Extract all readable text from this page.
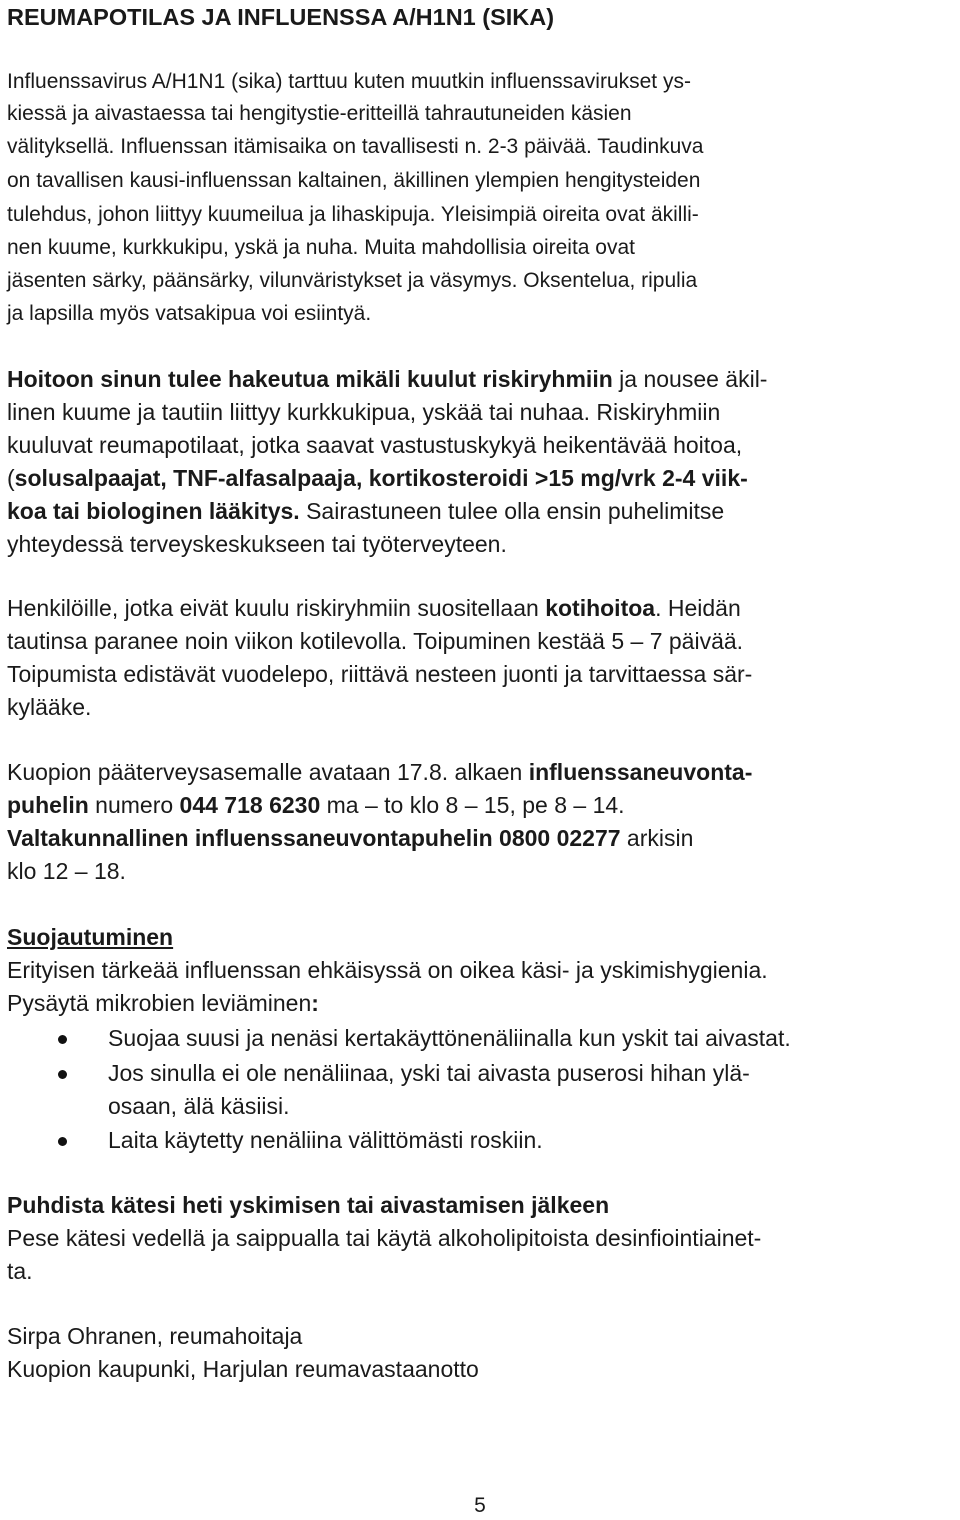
REUMAPOTILAS JA INFLUENSSA A/H1N1 (SIKA)
Influenssavirus A/H1N1 (sika) tarttuu kuten muutkin influenssavirukset ys-
kiessä ja aivastaessa tai hengitystie-eritteillä tahrautuneiden käsien
välityksellä. Influenssan itämisaika on tavallisesti n. 2-3 päivää. Taudinkuva
on tavallisen kausi-influenssan kaltainen, äkillinen ylempien hengitysteiden
tulehdus, johon liittyy kuumeilua ja lihaskipuja. Yleisimpiä oireita ovat äkilli-
nen kuume, kurkkukipu, yskä ja nuha. Muita mahdollisia oireita ovat
jäsenten särky, päänsärky, vilunväristykset ja väsymys. Oksentelua, ripulia
ja lapsilla myös vatsakipua voi esiintyä.
Hoitoon sinun tulee hakeutua mikäli kuulut riskiryhmiin ja nousee äkil-
linen kuume ja tautiin liittyy kurkkukipua, yskää tai nuhaa. Riskiryhmiin
kuuluvat reumapotilaat, jotka saavat vastustuskykyä heikentävää hoitoa,
(solusalpaajat, TNF-alfasalpaaja, kortikosteroidi >15 mg/vrk 2-4 viik-
koa tai biologinen lääkitys. Sairastuneen tulee olla ensin puhelimitse
yhteydessä terveyskeskukseen tai työterveyteen.
Henkilöille, jotka eivät kuulu riskiryhmiin suositellaan kotihoitoa. Heidän
tautinsa paranee noin viikon kotilevolla. Toipuminen kestää 5 – 7 päivää.
Toipumista edistävät vuodelepo, riittävä nesteen juonti ja tarvittaessa sär-
kylääke.
Kuopion pääterveysasemalle avataan 17.8. alkaen influenssaneuvonta-
puhelin numero 044 718 6230 ma – to klo 8 – 15, pe 8 – 14.
Valtakunnallinen influenssaneuvontapuhelin 0800 02277 arkisin
klo 12 – 18.
Suojautuminen
Erityisen tärkeää influenssan ehkäisyssä on oikea käsi- ja yskimishygienia.
Pysäytä mikrobien leviäminen:
Suojaa suusi ja nenäsi kertakäyttönenäliinalla kun yskit tai aivastat.
Jos sinulla ei ole nenäliinaa, yski tai aivasta puserosi hihan ylä-
osaan, älä käsiisi.
Laita käytetty nenäliina välittömästi roskiin.
Puhdista kätesi heti yskimisen tai aivastamisen jälkeen
Pese kätesi vedellä ja saippualla tai käytä alkoholipitoista desinfiointiainet-
ta.
Sirpa Ohranen, reumahoitaja
Kuopion kaupunki, Harjulan reumavastaanotto
5
